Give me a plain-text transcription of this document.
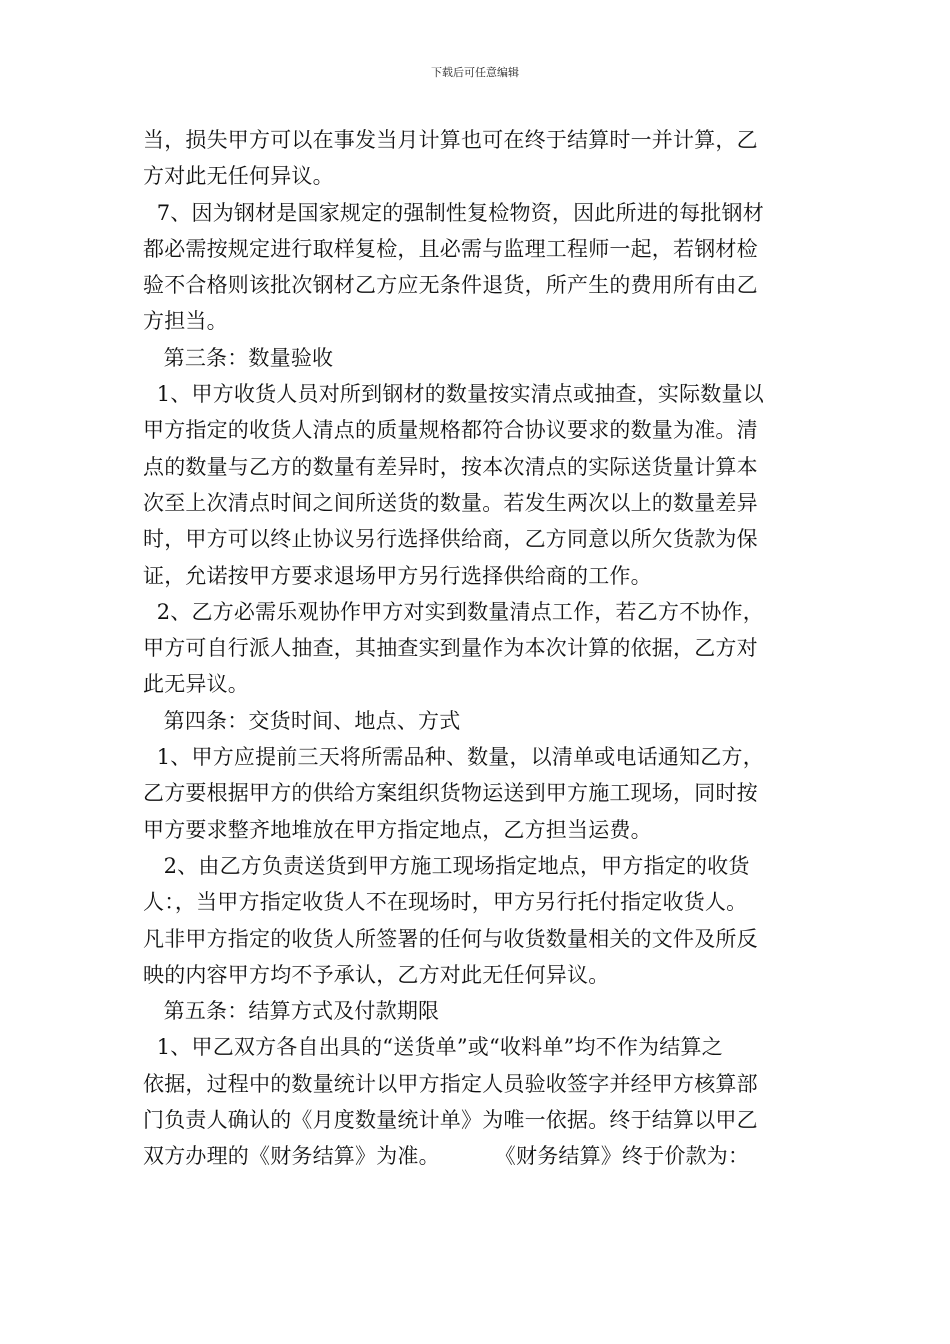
下载后可任意编辑
当，损失甲方可以在事发当月计算也可在终于结算时一并计算，乙
方对此无任何异议。
7、因为钢材是国家规定的强制性复检物资，因此所进的每批钢材
都必需按规定进行取样复检，且必需与监理工程师一起，若钢材检
验不合格则该批次钢材乙方应无条件退货，所产生的费用所有由乙
方担当。
第三条：数量验收
1、甲方收货人员对所到钢材的数量按实清点或抽查，实际数量以
甲方指定的收货人清点的质量规格都符合协议要求的数量为准。清
点的数量与乙方的数量有差异时，按本次清点的实际送货量计算本
次至上次清点时间之间所送货的数量。若发生两次以上的数量差异
时，甲方可以终止协议另行选择供给商，乙方同意以所欠货款为保
证，允诺按甲方要求退场甲方另行选择供给商的工作。
2、乙方必需乐观协作甲方对实到数量清点工作，若乙方不协作，
甲方可自行派人抽查，其抽查实到量作为本次计算的依据，乙方对
此无异议。
第四条：交货时间、地点、方式
1、甲方应提前三天将所需品种、数量，以清单或电话通知乙方，
乙方要根据甲方的供给方案组织货物运送到甲方施工现场，同时按
甲方要求整齐地堆放在甲方指定地点，乙方担当运费。
2、由乙方负责送货到甲方施工现场指定地点，甲方指定的收货
人：，当甲方指定收货人不在现场时，甲方另行托付指定收货人。
凡非甲方指定的收货人所签署的任何与收货数量相关的文件及所反
映的内容甲方均不予承认，乙方对此无任何异议。
第五条：结算方式及付款期限
1、甲乙双方各自出具的“送货单”或“收料单”均不作为结算之
依据，过程中的数量统计以甲方指定人员验收签字并经甲方核算部
门负责人确认的《月度数量统计单》为唯一依据。终于结算以甲乙
双方办理的《财务结算》为准。        《财务结算》终于价款为：
